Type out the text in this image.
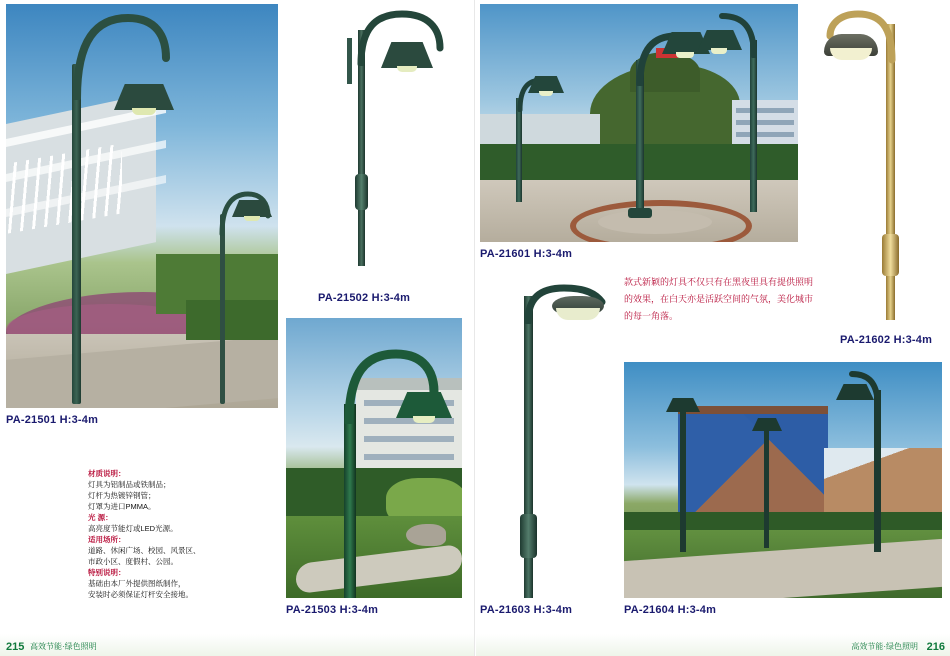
PA-21501 H:3-4m
材质说明：
灯具为铝制品或铁制品；
灯杆为热镀锌钢管；
灯罩为进口PMMA。
光 源：
高亮度节能灯或LED光源。
适用场所：
道路、休闲广场、校园、风景区、
市政小区、度假村、公园。
特别说明：
基础由本厂外提供图纸制作，
安装时必须保证灯杆安全接地。
PA-21502 H:3-4m
PA-21503 H:3-4m
PA-21601 H:3-4m
PA-21602 H:3-4m
款式新颖的灯具不仅只有在黑夜里具有提供照明的效果，在白天亦是活跃空间的气氛，美化城市的每一角落。
PA-21603 H:3-4m	PA-21604 H:3-4m
215 高效节能·绿色照明	高效节能·绿色照明 216
